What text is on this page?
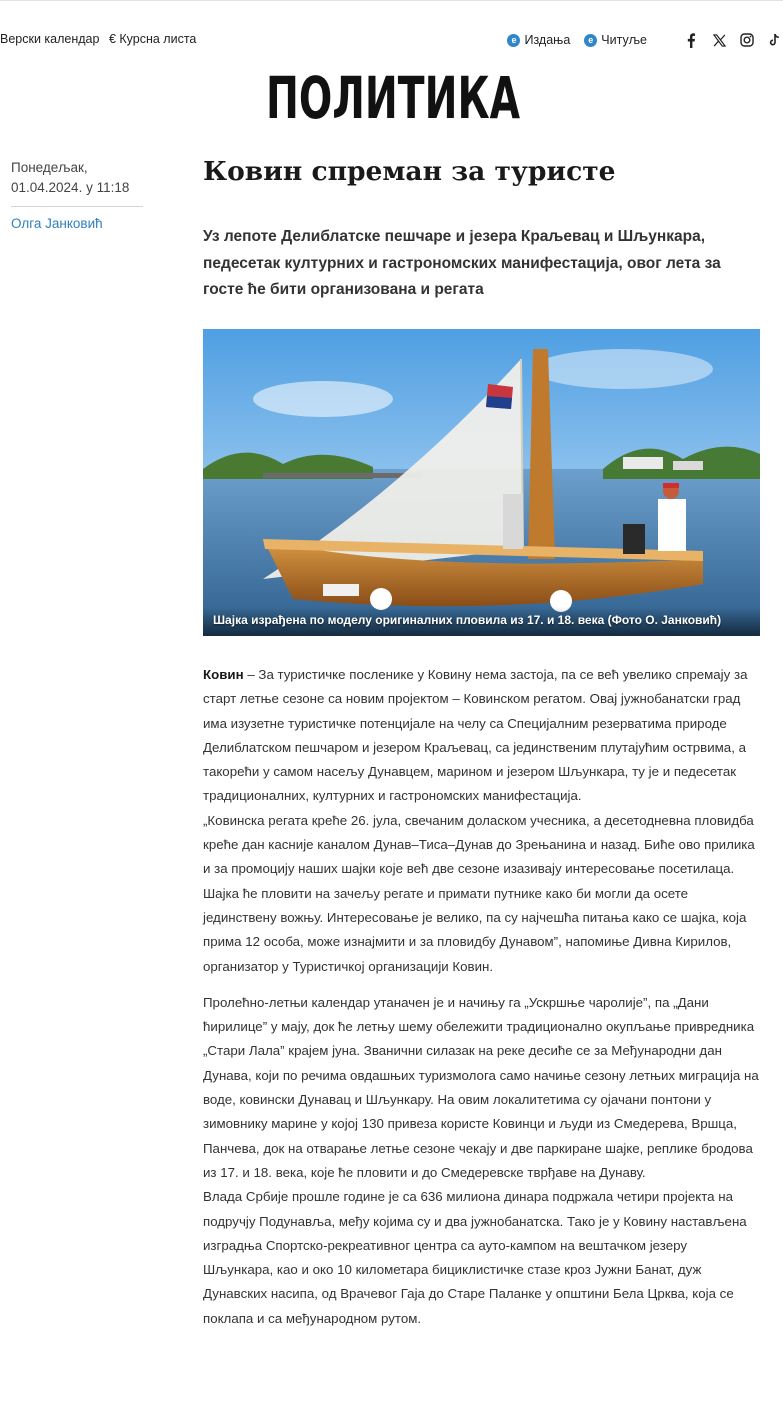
Верски календар € Курсна листа	e Издања	e Читуље
ПОЛИТИКА
Понедељак,
01.04.2024. у 11:18
Олга Јанковић
Ковин спреман за туристе

Уз лепоте Делиблатске пешчаре и језера Краљевац и Шљункара, педесетак културних и гастрономских манифестација, овог лета за госте ће бити организована и регата

Шајка израђена по моделу оригиналних пловила из 17. и 18. века (Фото О. Јанковић)

Ковин – За туристичке посленике у Ковину нема застоја, па се већ увелико спремају за старт летње сезоне са новим пројектом – Ковинском регатом. Овај јужнобанатски град има изузетне туристичке потенцијале на челу са Специјалним резерватима природе Делиблатском пешчаром и језером Краљевац, са јединственим плутајућим острвима, а такорећи у самом насељу Дунавцем, марином и језером Шљункара, ту је и педесетак традиционалних, културних и гастрономских манифестација.

„Ковинска регата креће 26. јула, свечаним доласком учесника, а десетодневна пловидба креће дан касније каналом Дунав–Тиса–Дунав до Зрењанина и назад. Биће ово прилика и за промоцију наших шајки које већ две сезоне изазивају интересовање посетилаца. Шајка ће пловити на зачељу регате и примати путнике како би могли да осете јединствену вожњу. Интересовање је велико, па су најчешћа питања како се шајка, која прима 12 особа, може изнајмити и за пловидбу Дунавом”, напомиње Дивна Кирилов, организатор у Туристичкој организацији Ковин.

Пролећно-летњи календар утаначен је и начињу га „Ускршње чаролије”, па „Дани ћирилице” у мају, док ће летњу шему обележити традиционално окупљање привредника „Стари Лала” крајем јуна. Званични силазак на реке десиће се за Међународни дан Дунава, који по речима овдашњих туризмолога само начиње сезону летњих миграција на воде, ковински Дунавац и Шљункару. На овим локалитетима су ојачани понтони у зимовнику марине у којој 130 привеза користе Ковинци и људи из Смедерева, Вршца, Панчева, док на отварање летње сезоне чекају и две паркиране шајке, реплике бродова из 17. и 18. века, које ће пловити и до Смедеревске тврђаве на Дунаву.

Влада Србије прошле године је са 636 милиона динара подржала четири пројекта на подручју Подунавља, међу којима су и два јужнобанатска. Тако је у Ковину настављена изградња Спортско-рекреативног центра са ауто-кампом на вештачком језеру Шљункара, као и око 10 километара бициклистичке стазе кроз Јужни Банат, дуж Дунавских насипа, од Врачевог Гаја до Старе Паланке у општини Бела Црква, која се поклапа и са међународном рутом.
